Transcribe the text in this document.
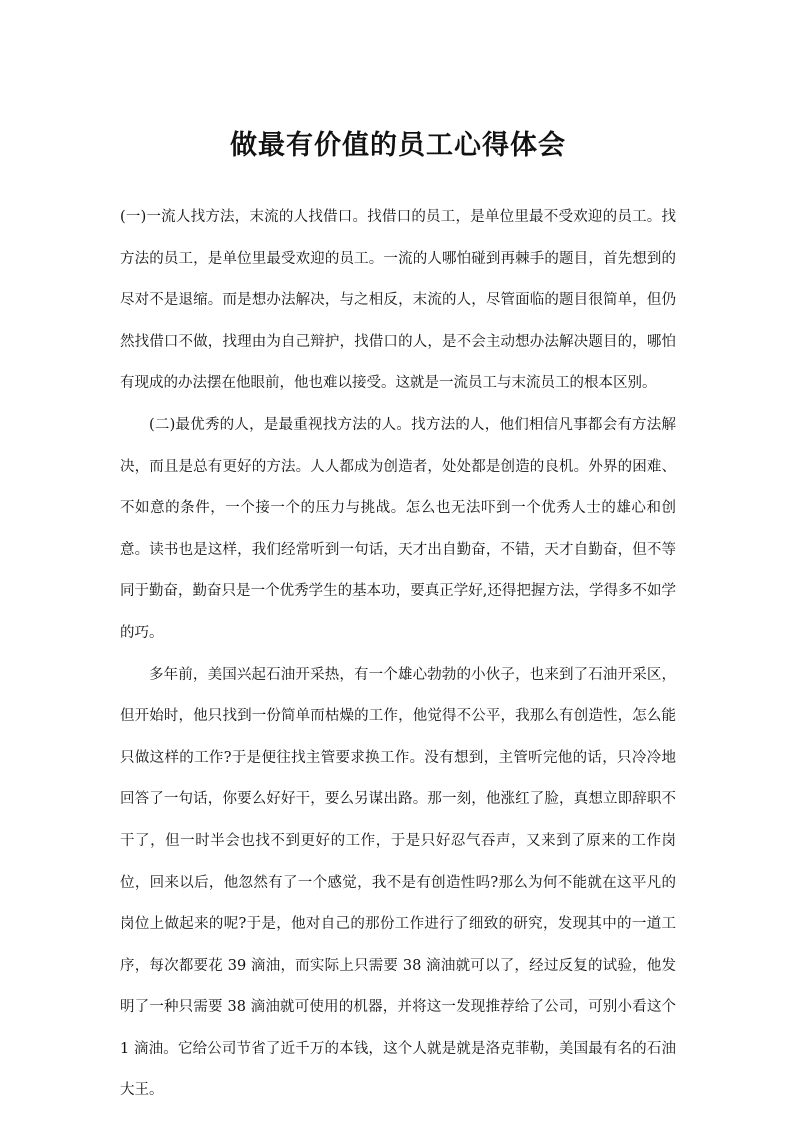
做最有价值的员工心得体会

(一)一流人找方法，末流的人找借口。找借口的员工，是单位里最不受欢迎的员工。找方法的员工，是单位里最受欢迎的员工。一流的人哪怕碰到再棘手的题目，首先想到的尽对不是退缩。而是想办法解决，与之相反，末流的人，尽管面临的题目很简单，但仍然找借口不做，找理由为自己辩护，找借口的人，是不会主动想办法解决题目的，哪怕有现成的办法摆在他眼前，他也难以接受。这就是一流员工与末流员工的根本区别。

(二)最优秀的人，是最重视找方法的人。找方法的人，他们相信凡事都会有方法解决，而且是总有更好的方法。人人都成为创造者，处处都是创造的良机。外界的困难、不如意的条件，一个接一个的压力与挑战。怎么也无法吓到一个优秀人士的雄心和创意。读书也是这样，我们经常听到一句话，天才出自勤奋，不错，天才自勤奋，但不等同于勤奋，勤奋只是一个优秀学生的基本功，要真正学好,还得把握方法，学得多不如学的巧。

多年前，美国兴起石油开采热，有一个雄心勃勃的小伙子，也来到了石油开采区，但开始时，他只找到一份简单而枯燥的工作，他觉得不公平，我那么有创造性，怎么能只做这样的工作?于是便往找主管要求换工作。没有想到，主管听完他的话，只冷冷地回答了一句话，你要么好好干，要么另谋出路。那一刻，他涨红了脸，真想立即辞职不干了，但一时半会也找不到更好的工作，于是只好忍气吞声，又来到了原来的工作岗位，回来以后，他忽然有了一个感觉，我不是有创造性吗?那么为何不能就在这平凡的岗位上做起来的呢?于是，他对自己的那份工作进行了细致的研究，发现其中的一道工序，每次都要花 39 滴油，而实际上只需要 38 滴油就可以了，经过反复的试验，他发明了一种只需要 38 滴油就可使用的机器，并将这一发现推荐给了公司，可别小看这个 1 滴油。它给公司节省了近千万的本钱，这个人就是就是洛克菲勒，美国最有名的石油大王。
